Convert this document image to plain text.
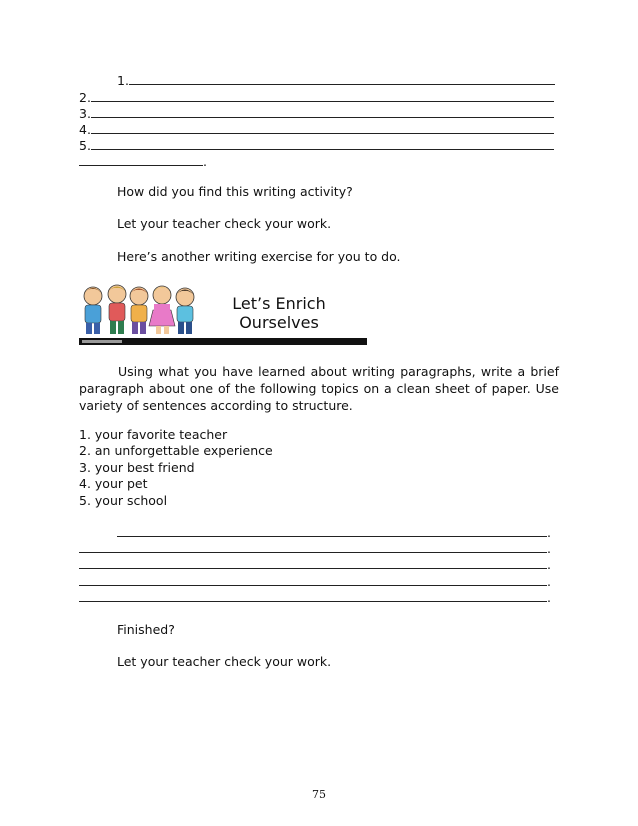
1.
2.
3.
4.
5.
.
How did you find this writing activity?
Let your teacher check your work.
Here’s another writing exercise for you to do.
Let’s Enrich
Ourselves
Using what you have learned about writing paragraphs, write a brief paragraph about one of the following topics on a clean sheet of paper. Use variety of sentences according to structure.
1. your favorite teacher
2. an unforgettable experience
3. your best friend
4. your pet
5. your school
.
.
.
.
.
Finished?
Let your teacher check your work.
75
